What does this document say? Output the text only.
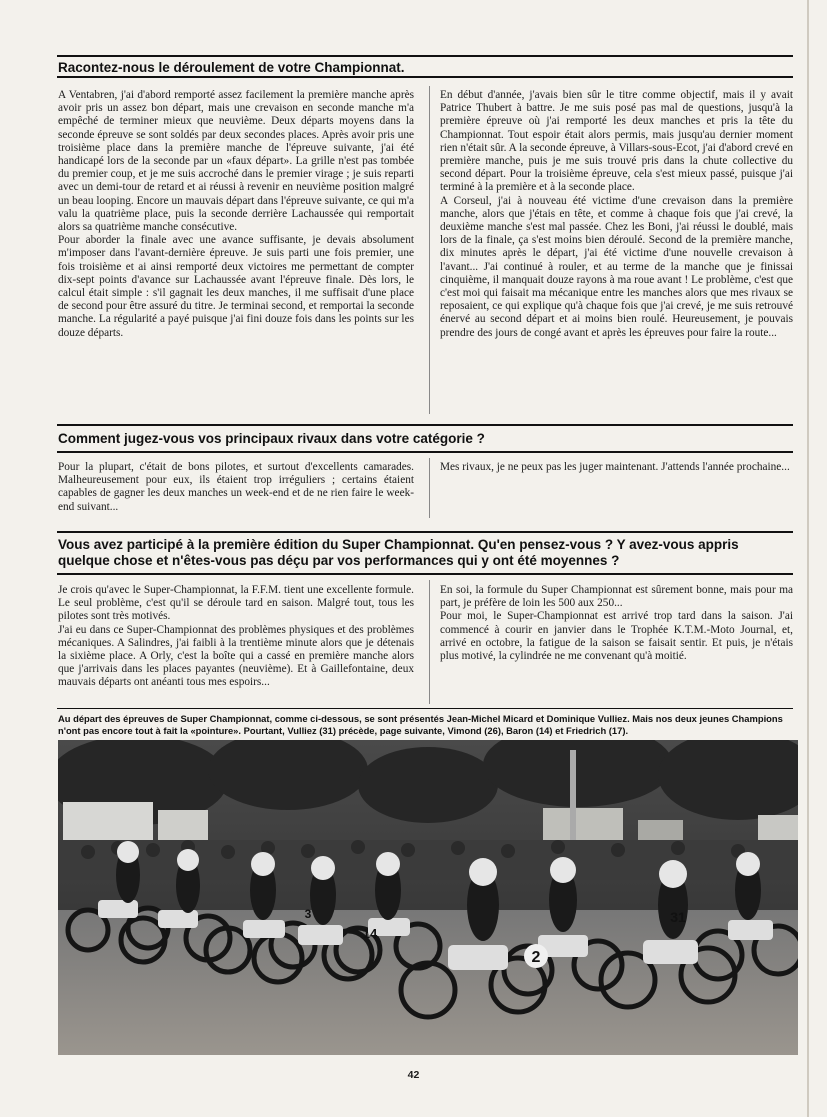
Racontez-nous le déroulement de votre Championnat.

A Ventabren, j'ai d'abord remporté assez facilement la première manche après avoir pris un assez bon départ, mais une crevaison en seconde manche m'a empêché de terminer mieux que neuvième. Deux départs moyens dans la seconde épreuve se sont soldés par deux secondes places. Après avoir pris une troisième place dans la première manche de l'épreuve suivante, j'ai été handicapé lors de la seconde par un «faux départ». La grille n'est pas tombée du premier coup, et je me suis accroché dans le premier virage ; je suis reparti avec un demi-tour de retard et ai réussi à revenir en neuvième position malgré un beau looping. Encore un mauvais départ dans l'épreuve suivante, ce qui m'a valu la quatrième place, puis la seconde derrière Lachaussée qui remportait alors sa quatrième manche consécutive.

Pour aborder la finale avec une avance suffisante, je devais absolument m'imposer dans l'avant-dernière épreuve. Je suis parti une fois premier, une fois troisième et ai ainsi remporté deux victoires me permettant de compter dix-sept points d'avance sur Lachaussée avant l'épreuve finale. Dès lors, le calcul était simple : s'il gagnait les deux manches, il me suffisait d'une place de second pour être assuré du titre. Je terminai second, et remportai la seconde manche. La régularité a payé puisque j'ai fini douze fois dans les points sur les douze départs.

En début d'année, j'avais bien sûr le titre comme objectif, mais il y avait Patrice Thubert à battre. Je me suis posé pas mal de questions, jusqu'à la première épreuve où j'ai remporté les deux manches et pris la tête du Championnat. Tout espoir était alors permis, mais jusqu'au dernier moment rien n'était sûr. A la seconde épreuve, à Villars-sous-Ecot, j'ai d'abord crevé en première manche, puis je me suis trouvé pris dans la chute collective du second départ. Pour la troisième épreuve, cela s'est mieux passé, puisque j'ai terminé à la première et à la seconde place.

A Corseul, j'ai à nouveau été victime d'une crevaison dans la première manche, alors que j'étais en tête, et comme à chaque fois que j'ai crevé, la deuxième manche s'est mal passée. Chez les Boni, j'ai réussi le doublé, mais lors de la finale, ça s'est moins bien déroulé. Second de la première manche, dix minutes après le départ, j'ai été victime d'une nouvelle crevaison à l'avant... J'ai continué à rouler, et au terme de la manche que je finissai cinquième, il manquait douze rayons à ma roue avant ! Le problème, c'est que c'est moi qui faisait ma mécanique entre les manches alors que mes rivaux se reposaient, ce qui explique qu'à chaque fois que j'ai crevé, je me suis retrouvé énervé au second départ et ai moins bien roulé. Heureusement, je pouvais prendre des jours de congé avant et après les épreuves pour faire la route...

Comment jugez-vous vos principaux rivaux dans votre catégorie ?

Pour la plupart, c'était de bons pilotes, et surtout d'excellents camarades. Malheureusement pour eux, ils étaient trop irréguliers ; certains étaient capables de gagner les deux manches un week-end et de ne rien faire le week-end suivant...

Mes rivaux, je ne peux pas les juger maintenant. J'attends l'année prochaine...

Vous avez participé à la première édition du Super Championnat. Qu'en pensez-vous ? Y avez-vous appris quelque chose et n'êtes-vous pas déçu par vos performances qui y ont été moyennes ?

Je crois qu'avec le Super-Championnat, la F.F.M. tient une excellente formule. Le seul problème, c'est qu'il se déroule tard en saison. Malgré tout, tous les pilotes sont très motivés.

J'ai eu dans ce Super-Championnat des problèmes physiques et des problèmes mécaniques. A Salindres, j'ai faibli à la trentième minute alors que je détenais la sixième place. A Orly, c'est la boîte qui a cassé en première manche alors que j'arrivais dans les places payantes (neuvième). Et à Gaillefontaine, deux mauvais départs ont anéanti tous mes espoirs...

En soi, la formule du Super Championnat est sûrement bonne, mais pour ma part, je préfère de loin les 500 aux 250...

Pour moi, le Super-Championnat est arrivé trop tard dans la saison. J'ai commencé à courir en janvier dans le Trophée K.T.M.-Moto Journal, et, arrivé en octobre, la fatigue de la saison se faisait sentir. Et puis, je n'étais plus motivé, la cylindrée ne me convenant qu'à moitié.

Au départ des épreuves de Super Championnat, comme ci-dessous, se sont présentés Jean-Michel Micard et Dominique Vulliez. Mais nos deux jeunes Champions n'ont pas encore tout à fait la «pointure». Pourtant, Vulliez (31) précède, page suivante, Vimond (26), Baron (14) et Friedrich (17).

2
14
31
3
42
